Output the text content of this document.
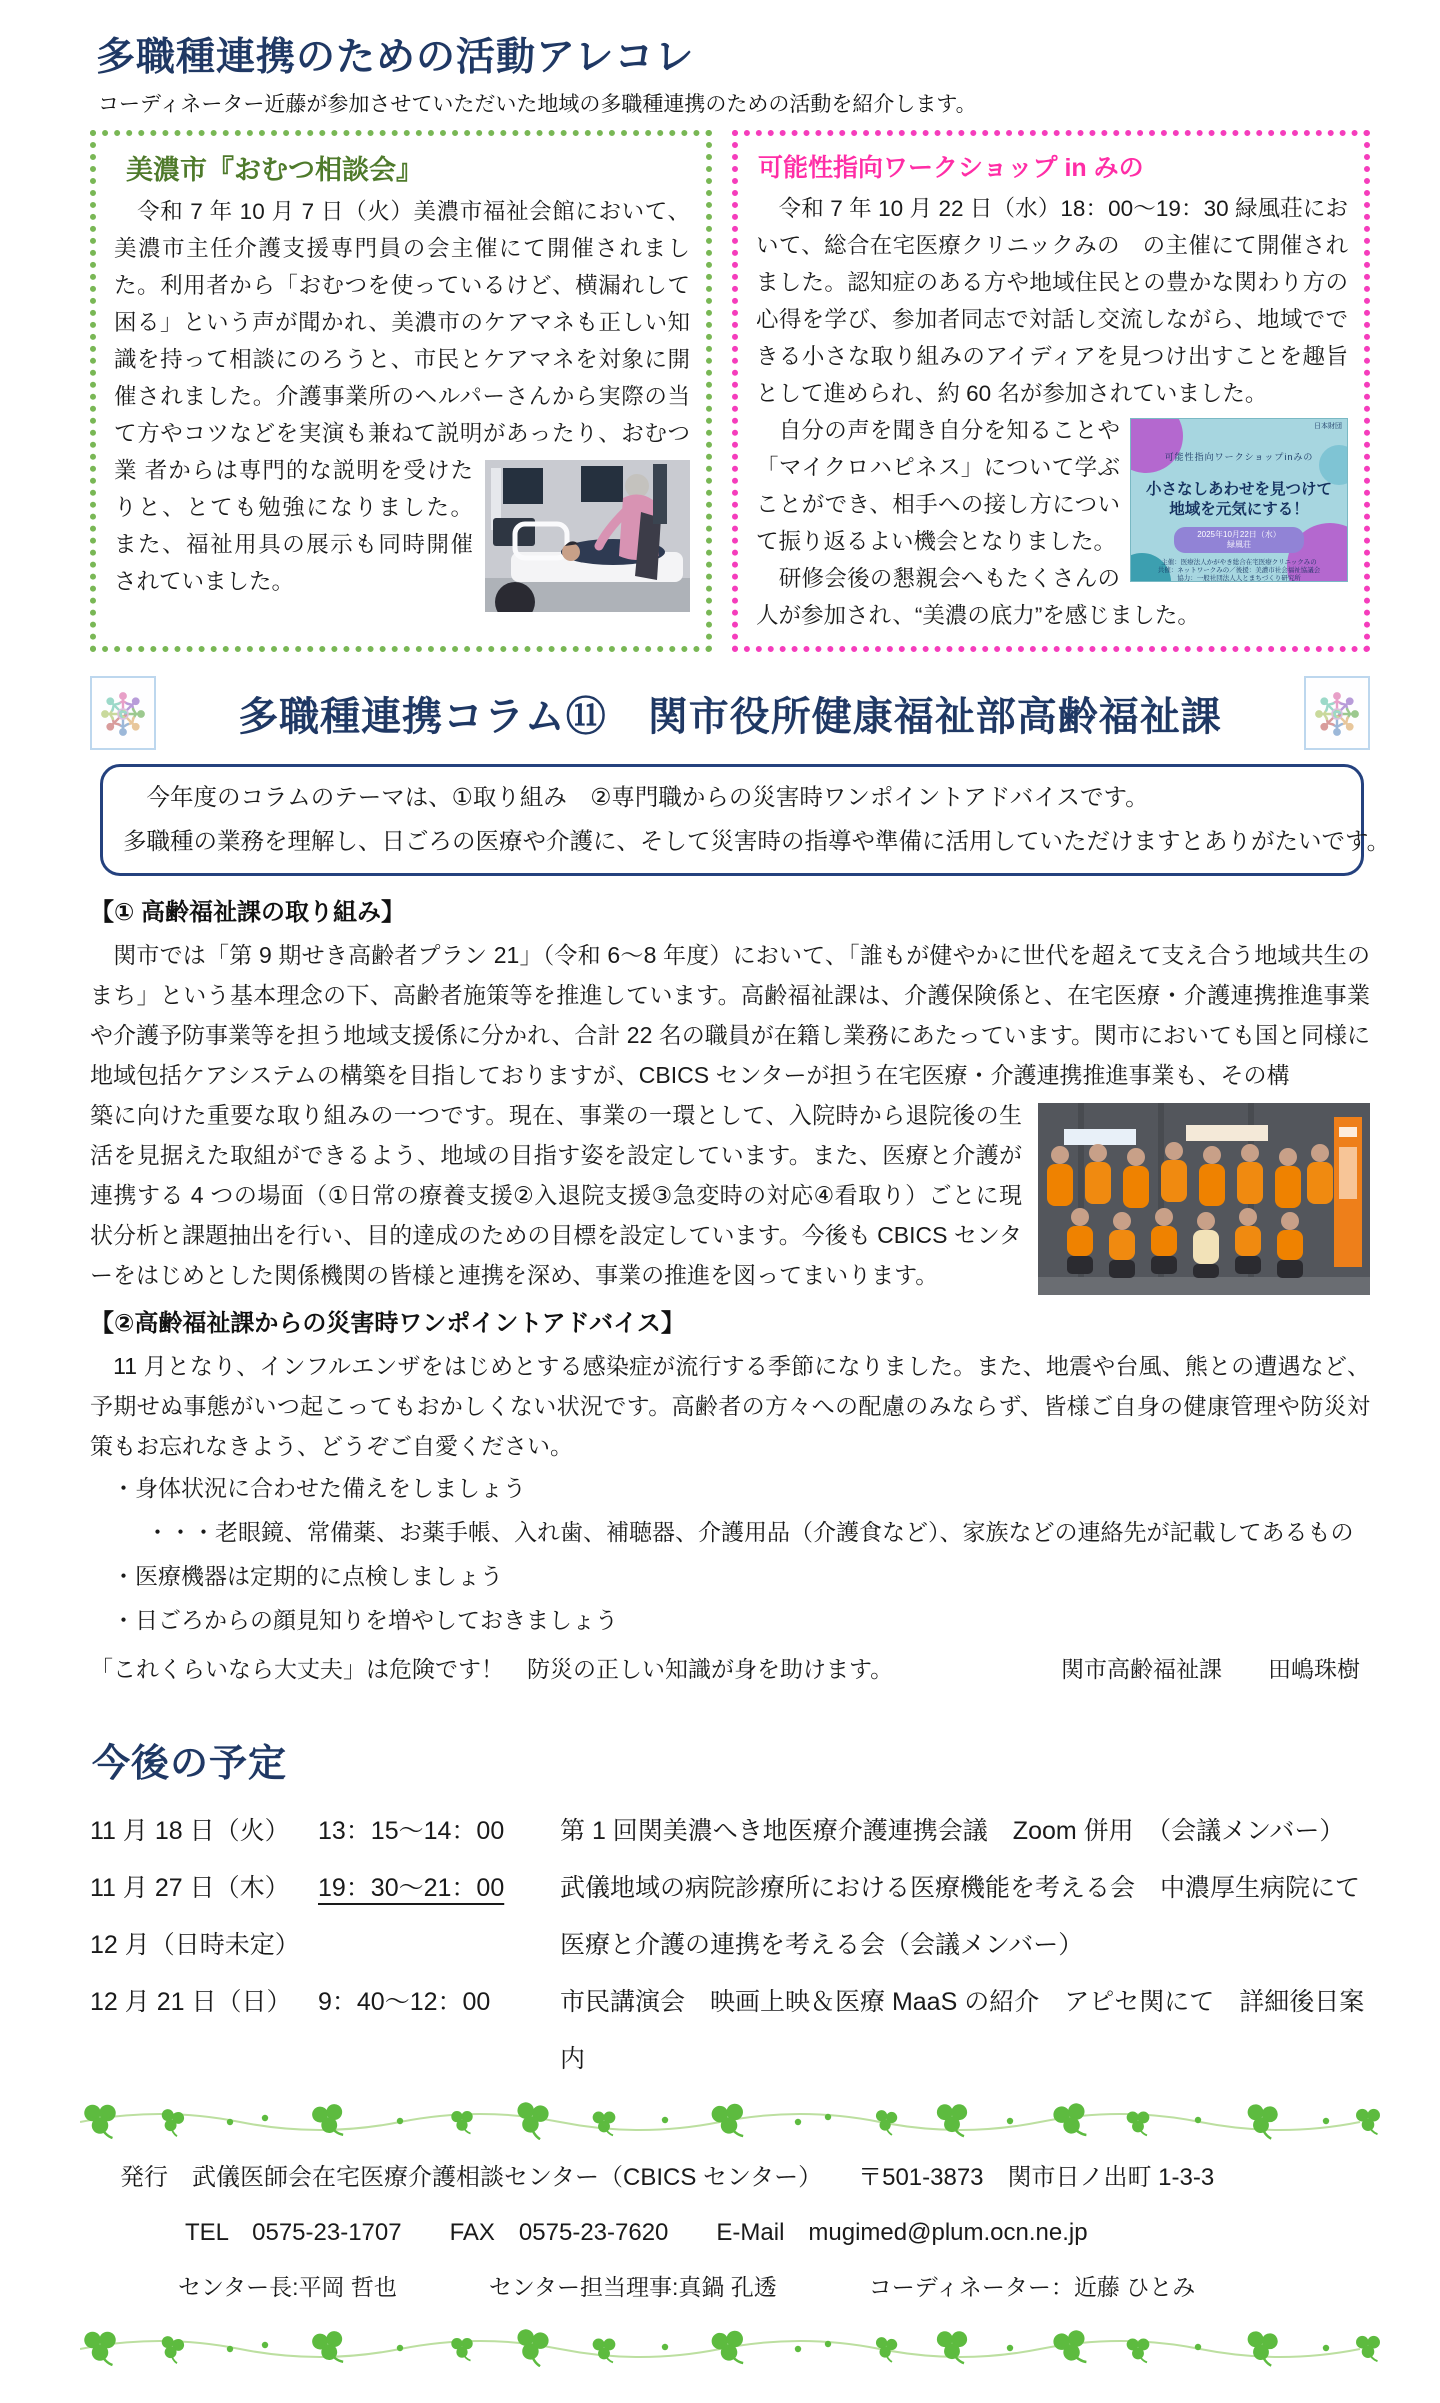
多職種連携のための活動アレコレ
コーディネーター近藤が参加させていただいた地域の多職種連携のための活動を紹介します。
美濃市『おむつ相談会』
　令和 7 年 10 月 7 日（火）美濃市福祉会館において、美濃市主任介護支援専門員の会主催にて開催されました。利用者から「おむつを使っているけど、横漏れして困る」という声が聞かれ、美濃市のケアマネも正しい知識を持って相談にのろうと、市民とケアマネを対象に開催されました。介護事業所のヘルパーさんから実際の当て方やコツなどを実演も兼ねて説明があったり、おむつ業 者からは専門的な説明を受けたりと、とても勉強になりました。また、福祉用具の展示も同時開催されていました。
可能性指向ワークショップ in みの

　令和 7 年 10 月 22 日（水）18：00～19：30 緑風荘において、総合在宅医療クリニックみの　の主催にて開催されました。認知症のある方や地域住民との豊かな関わり方の心得を学び、参加者同志で対話し交流しながら、地域でできる小さな取り組みのアイディアを見つけ出すことを趣旨として進められ、約 60 名が参加されていました。

日本財団
可能性指向ワークショップinみの
小さなしあわせを見つけて
地域を元気にする！
2025年10月22日（水）
緑風荘
主催：医療法人かがやき総合在宅医療クリニックみの
共催：ネットワークみの／後援：美濃市社会福祉協議会
協力：一般社団法人人とまちづくり研究所

　自分の声を聞き自分を知ることや「マイクロハピネス」について学ぶことができ、相手への接し方について振り返るよい機会となりました。

　研修会後の懇親会へもたくさんの人が参加され、“美濃の底力”を感じました。

多職種連携コラム⑪　関市役所健康福祉部高齢福祉課
　今年度のコラムのテーマは、①取り組み　②専門職からの災害時ワンポイントアドバイスです。
多職種の業務を理解し、日ごろの医療や介護に、そして災害時の指導や準備に活用していただけますとありがたいです。
【① 高齢福祉課の取り組み】

　関市では「第 9 期せき高齢者プラン 21」（令和 6～8 年度）において、「誰もが健やかに世代を超えて支え合う地域共生のまち」という基本理念の下、高齢者施策等を推進しています。高齢福祉課は、介護保険係と、在宅医療・介護連携推進事業や介護予防事業等を担う地域支援係に分かれ、合計 22 名の職員が在籍し業務にあたっています。関市においても国と同様に地域包括ケアシステムの構築を目指しておりますが、CBICS センターが担う在宅医療・介護連携推進事業も、その構

築に向けた重要な取り組みの一つです。現在、事業の一環として、入院時から退院後の生活を見据えた取組ができるよう、地域の目指す姿を設定しています。また、医療と介護が連携する 4 つの場面（①日常の療養支援②入退院支援③急変時の対応④看取り）ごとに現状分析と課題抽出を行い、目的達成のための目標を設定しています。今後も CBICS センターをはじめとした関係機関の皆様と連携を深め、事業の推進を図ってまいります。

【②高齢福祉課からの災害時ワンポイントアドバイス】

　11 月となり、インフルエンザをはじめとする感染症が流行する季節になりました。また、地震や台風、熊との遭遇など、予期せぬ事態がいつ起こってもおかしくない状況です。高齢者の方々への配慮のみならず、皆様ご自身の健康管理や防災対策もお忘れなきよう、どうぞご自愛ください。

・身体状況に合わせた備えをしましょう
・・・老眼鏡、常備薬、お薬手帳、入れ歯、補聴器、介護用品（介護食など）、家族などの連絡先が記載してあるもの
・医療機器は定期的に点検しましょう
・日ごろからの顔見知りを増やしておきましょう
「これくらいなら大丈夫」は危険です！　防災の正しい知識が身を助けます。	関市高齢福祉課　　田嶋珠樹
今後の予定
11 月 18 日（火）	13：15～14：00	第 1 回関美濃へき地医療介護連携会議　Zoom 併用　（会議メンバー）
11 月 27 日（木）	19：30～21：00	武儀地域の病院診療所における医療機能を考える会　中濃厚生病院にて
12 月（日時未定）	医療と介護の連携を考える会（会議メンバー）
12 月 21 日（日）	9：40～12：00	市民講演会　映画上映＆医療 MaaS の紹介　アピセ関にて　詳細後日案内
発行　武儀医師会在宅医療介護相談センター（CBICS センター）　　〒501-3873　関市日ノ出町 1-3-3
TEL　0575-23-1707　　FAX　0575-23-7620　　E-Mail　mugimed@plum.ocn.ne.jp
センター長:平岡 哲也　　　　センター担当理事:真鍋 孔透　　　　コーディネーター：近藤 ひとみ
